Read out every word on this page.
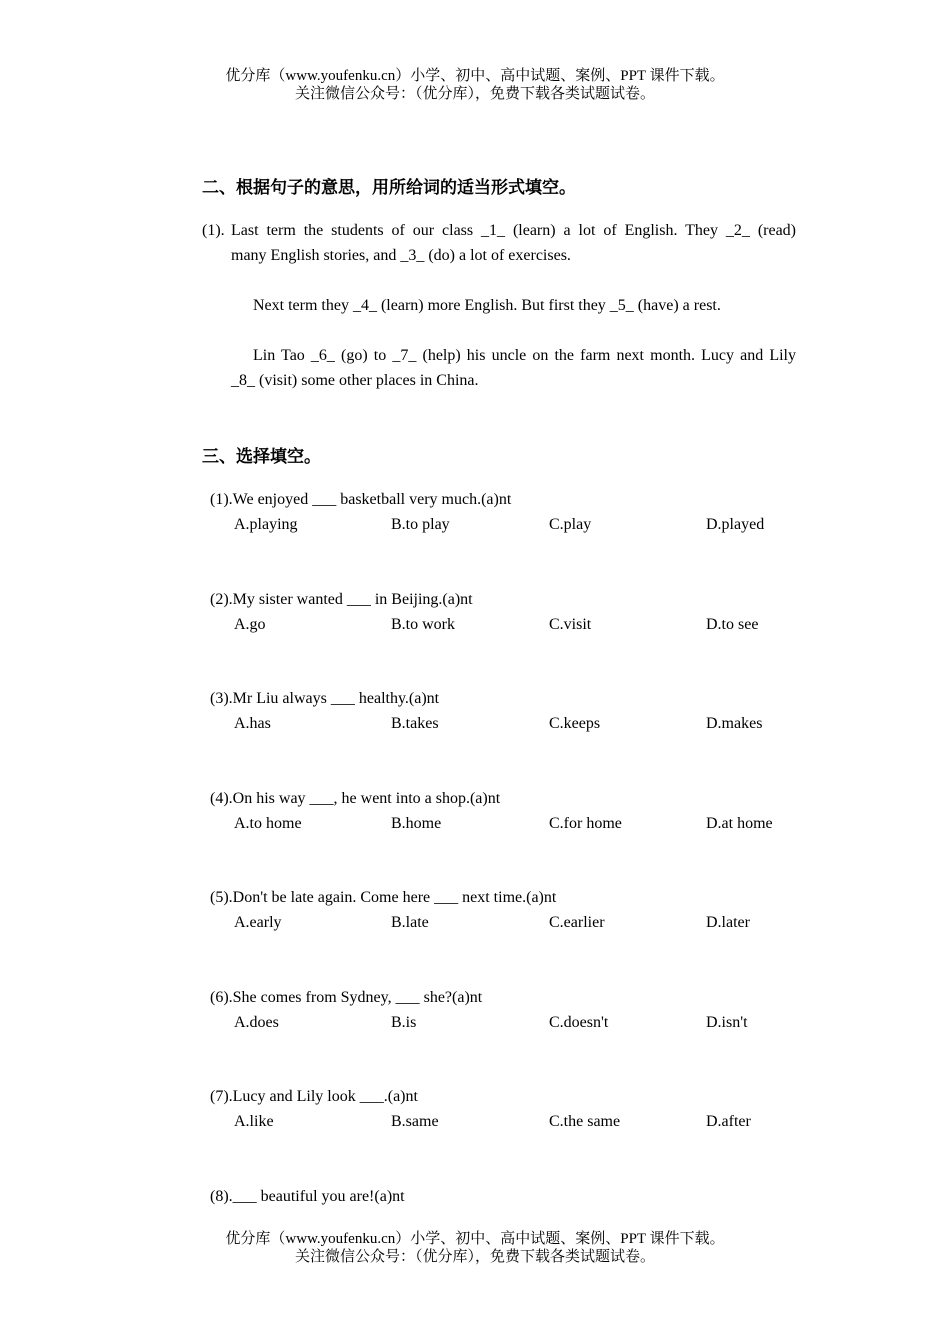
优分库（www.youfenku.cn）小学、初中、高中试题、案例、PPT 课件下载。
关注微信公众号：（优分库），免费下载各类试题试卷。
二、根据句子的意思，用所给词的适当形式填空。
(1). Last term the students of our class _1_ (learn) a lot of English. They _2_ (read)
many English stories, and _3_ (do) a lot of exercises.
Next term they _4_ (learn) more English. But first they _5_ (have) a rest.
Lin Tao _6_ (go) to _7_ (help) his uncle on the farm next month. Lucy and Lily
_8_ (visit) some other places in China.
三、选择填空。
(1).We enjoyed ___ basketball very much.(a)nt
A.playing	B.to play	C.play	D.played
(2).My sister wanted ___ in Beijing.(a)nt
A.go	B.to work	C.visit	D.to see
(3).Mr Liu always ___ healthy.(a)nt
A.has	B.takes	C.keeps	D.makes
(4).On his way ___, he went into a shop.(a)nt
A.to home	B.home	C.for home	D.at home
(5).Don't be late again. Come here ___ next time.(a)nt
A.early	B.late	C.earlier	D.later
(6).She comes from Sydney, ___ she?(a)nt
A.does	B.is	C.doesn't	D.isn't
(7).Lucy and Lily look ___.(a)nt
A.like	B.same	C.the same	D.after
(8).___ beautiful you are!(a)nt
优分库（www.youfenku.cn）小学、初中、高中试题、案例、PPT 课件下载。
关注微信公众号：（优分库），免费下载各类试题试卷。
